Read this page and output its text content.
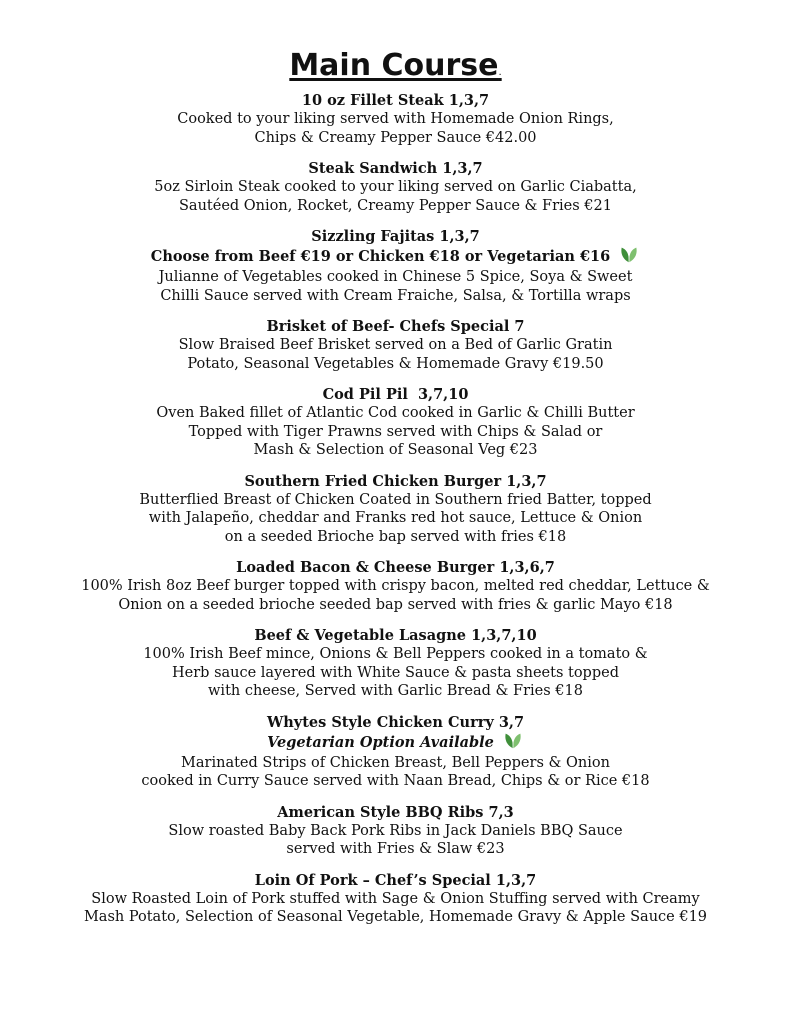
Main Course.
10 oz Fillet Steak 1,3,7
Cooked to your liking served with Homemade Onion Rings,
Chips & Creamy Pepper Sauce €42.00
Steak Sandwich 1,3,7
5oz Sirloin Steak cooked to your liking served on Garlic Ciabatta,
Sautéed Onion, Rocket, Creamy Pepper Sauce & Fries €21
Sizzling Fajitas 1,3,7
Choose from Beef €19 or Chicken €18 or Vegetarian €16
Julianne of Vegetables cooked in Chinese 5 Spice, Soya & Sweet
Chilli Sauce served with Cream Fraiche, Salsa, & Tortilla wraps
Brisket of Beef- Chefs Special 7
Slow Braised Beef Brisket served on a Bed of Garlic Gratin
Potato, Seasonal Vegetables & Homemade Gravy €19.50
Cod Pil Pil  3,7,10
Oven Baked fillet of Atlantic Cod cooked in Garlic & Chilli Butter
Topped with Tiger Prawns served with Chips & Salad or
Mash & Selection of Seasonal Veg €23
Southern Fried Chicken Burger 1,3,7
Butterflied Breast of Chicken Coated in Southern fried Batter, topped
with Jalapeño, cheddar and Franks red hot sauce, Lettuce & Onion
on a seeded Brioche bap served with fries €18
Loaded Bacon & Cheese Burger 1,3,6,7
100% Irish 8oz Beef burger topped with crispy bacon, melted red cheddar, Lettuce &
Onion on a seeded brioche seeded bap served with fries & garlic Mayo €18
Beef & Vegetable Lasagne 1,3,7,10
100% Irish Beef mince, Onions & Bell Peppers cooked in a tomato &
Herb sauce layered with White Sauce & pasta sheets topped
with cheese, Served with Garlic Bread & Fries €18
Whytes Style Chicken Curry 3,7
Vegetarian Option Available
Marinated Strips of Chicken Breast, Bell Peppers & Onion
cooked in Curry Sauce served with Naan Bread, Chips & or Rice €18
American Style BBQ Ribs 7,3
Slow roasted Baby Back Pork Ribs in Jack Daniels BBQ Sauce
served with Fries & Slaw €23
Loin Of Pork – Chef’s Special 1,3,7
Slow Roasted Loin of Pork stuffed with Sage & Onion Stuffing served with Creamy
Mash Potato, Selection of Seasonal Vegetable, Homemade Gravy & Apple Sauce €19
